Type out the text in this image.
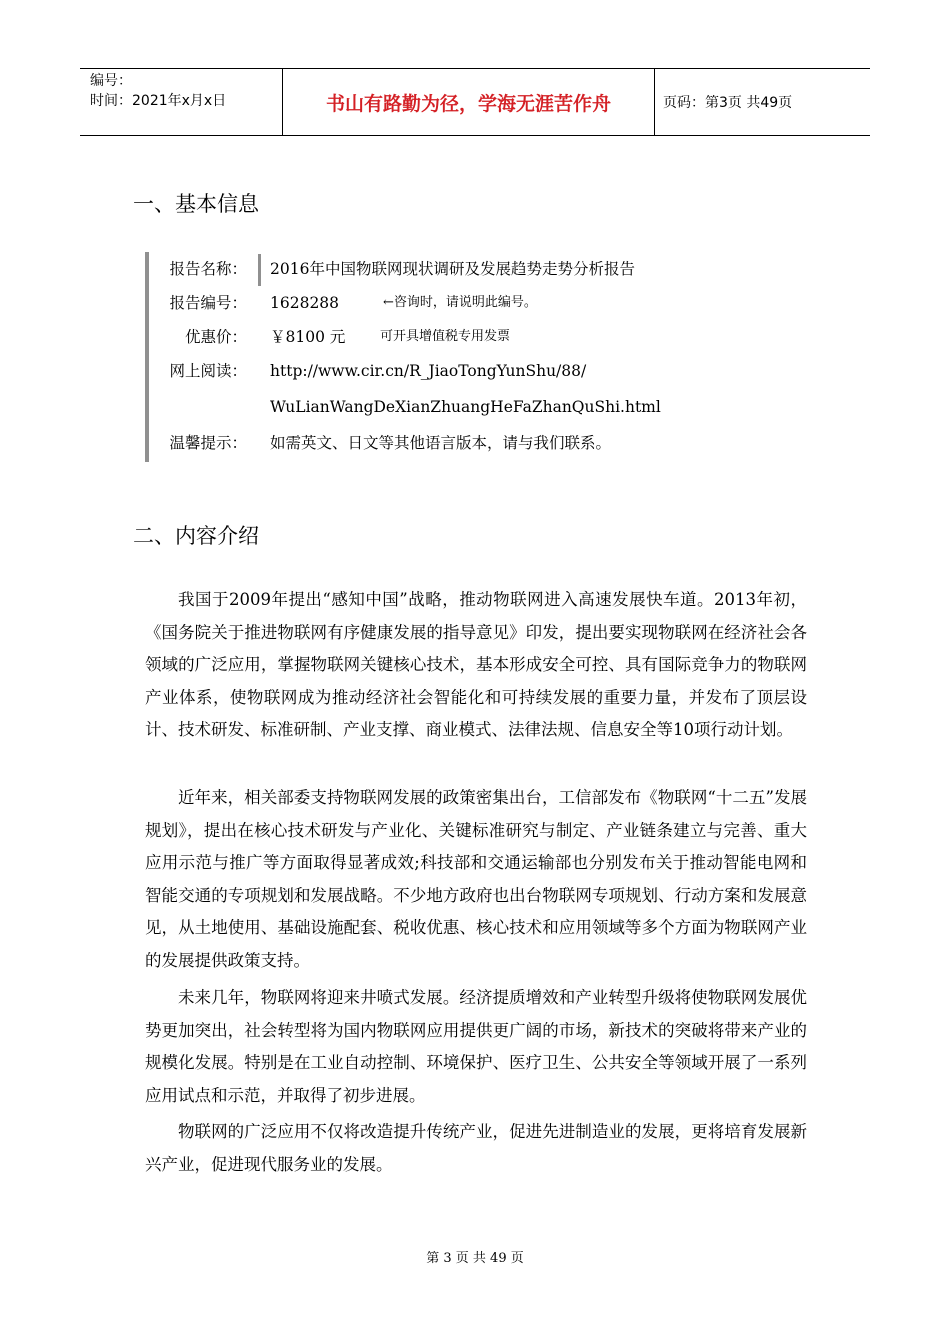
编号：
时间：2021年x月x日	书山有路勤为径，学海无涯苦作舟	页码：第3页 共49页
一、基本信息
报告名称： 2016年中国物联网现状调研及发展趋势走势分析报告
报告编号： 1628288	←咨询时，请说明此编号。
优惠价： ￥8100 元	可开具增值税专用发票
网上阅读： http://www.cir.cn/R_JiaoTongYunShu/88/
WuLianWangDeXianZhuangHeFaZhanQuShi.html
温馨提示： 如需英文、日文等其他语言版本，请与我们联系。
二、内容介绍

我国于2009年提出“感知中国”战略，推动物联网进入高速发展快车道。2013年初，《国务院关于推进物联网有序健康发展的指导意见》印发，提出要实现物联网在经济社会各领域的广泛应用，掌握物联网关键核心技术，基本形成安全可控、具有国际竞争力的物联网产业体系，使物联网成为推动经济社会智能化和可持续发展的重要力量，并发布了顶层设计、技术研发、标准研制、产业支撑、商业模式、法律法规、信息安全等10项行动计划。

近年来，相关部委支持物联网发展的政策密集出台，工信部发布《物联网“十二五”发展规划》，提出在核心技术研发与产业化、关键标准研究与制定、产业链条建立与完善、重大应用示范与推广等方面取得显著成效;科技部和交通运输部也分别发布关于推动智能电网和智能交通的专项规划和发展战略。不少地方政府也出台物联网专项规划、行动方案和发展意见，从土地使用、基础设施配套、税收优惠、核心技术和应用领域等多个方面为物联网产业的发展提供政策支持。

未来几年，物联网将迎来井喷式发展。经济提质增效和产业转型升级将使物联网发展优势更加突出，社会转型将为国内物联网应用提供更广阔的市场，新技术的突破将带来产业的规模化发展。特别是在工业自动控制、环境保护、医疗卫生、公共安全等领域开展了一系列应用试点和示范，并取得了初步进展。

物联网的广泛应用不仅将改造提升传统产业，促进先进制造业的发展，更将培育发展新兴产业，促进现代服务业的发展。

第 3 页 共 49 页
